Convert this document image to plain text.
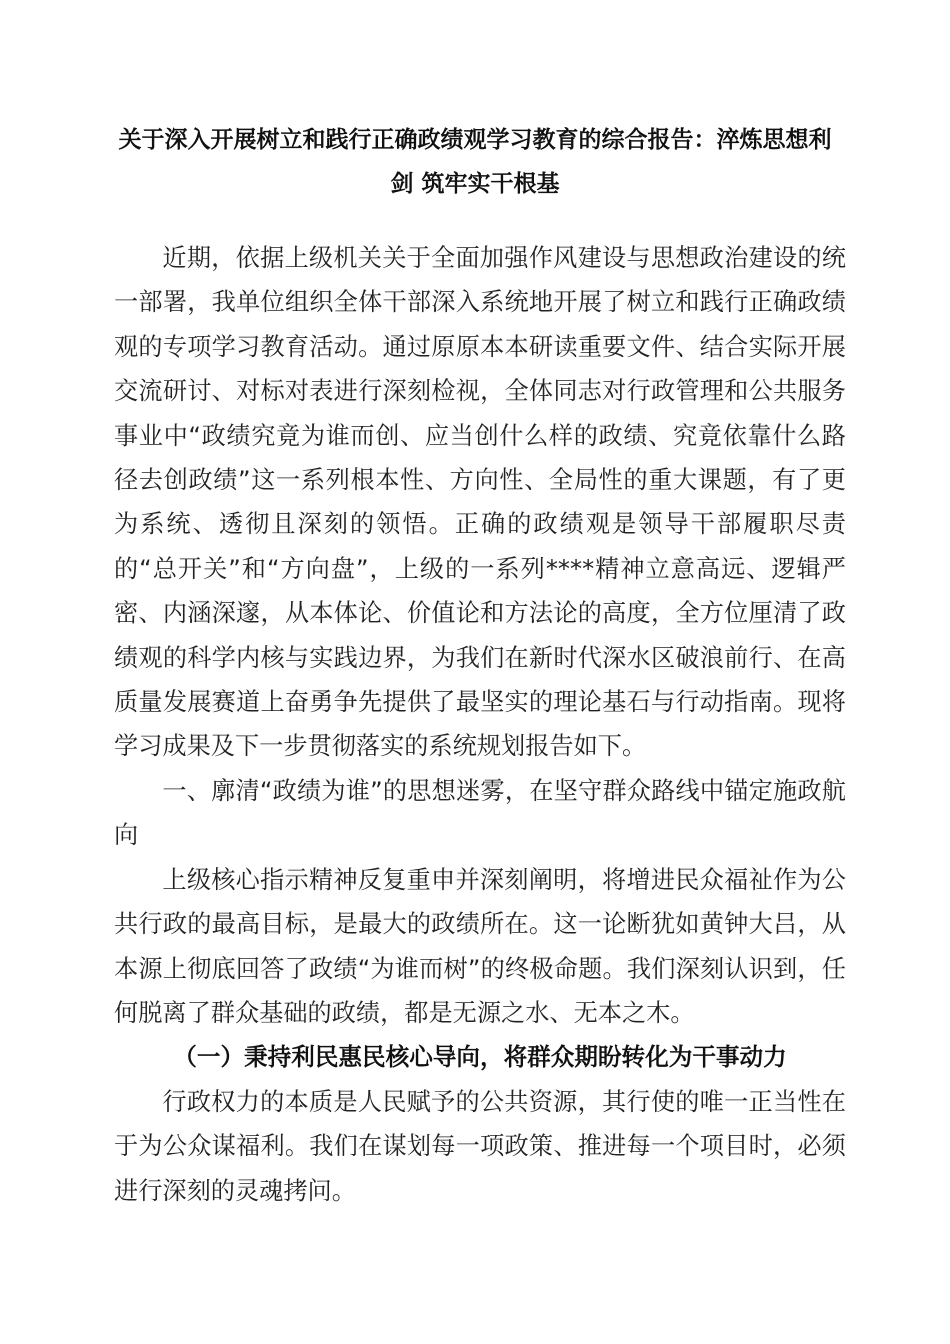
关于深入开展树立和践行正确政绩观学习教育的综合报告：淬炼思想利剑 筑牢实干根基

近期，依据上级机关关于全面加强作风建设与思想政治建设的统一部署，我单位组织全体干部深入系统地开展了树立和践行正确政绩观的专项学习教育活动。通过原原本本研读重要文件、结合实际开展交流研讨、对标对表进行深刻检视，全体同志对行政管理和公共服务事业中“政绩究竟为谁而创、应当创什么样的政绩、究竟依靠什么路径去创政绩”这一系列根本性、方向性、全局性的重大课题，有了更为系统、透彻且深刻的领悟。正确的政绩观是领导干部履职尽责的“总开关”和“方向盘”，上级的一系列****精神立意高远、逻辑严密、内涵深邃，从本体论、价值论和方法论的高度，全方位厘清了政绩观的科学内核与实践边界，为我们在新时代深水区破浪前行、在高质量发展赛道上奋勇争先提供了最坚实的理论基石与行动指南。现将学习成果及下一步贯彻落实的系统规划报告如下。

一、廓清“政绩为谁”的思想迷雾，在坚守群众路线中锚定施政航向

上级核心指示精神反复重申并深刻阐明，将增进民众福祉作为公共行政的最高目标，是最大的政绩所在。这一论断犹如黄钟大吕，从本源上彻底回答了政绩“为谁而树”的终极命题。我们深刻认识到，任何脱离了群众基础的政绩，都是无源之水、无本之木。

（一）秉持利民惠民核心导向，将群众期盼转化为干事动力

行政权力的本质是人民赋予的公共资源，其行使的唯一正当性在于为公众谋福利。我们在谋划每一项政策、推进每一个项目时，必须进行深刻的灵魂拷问。
